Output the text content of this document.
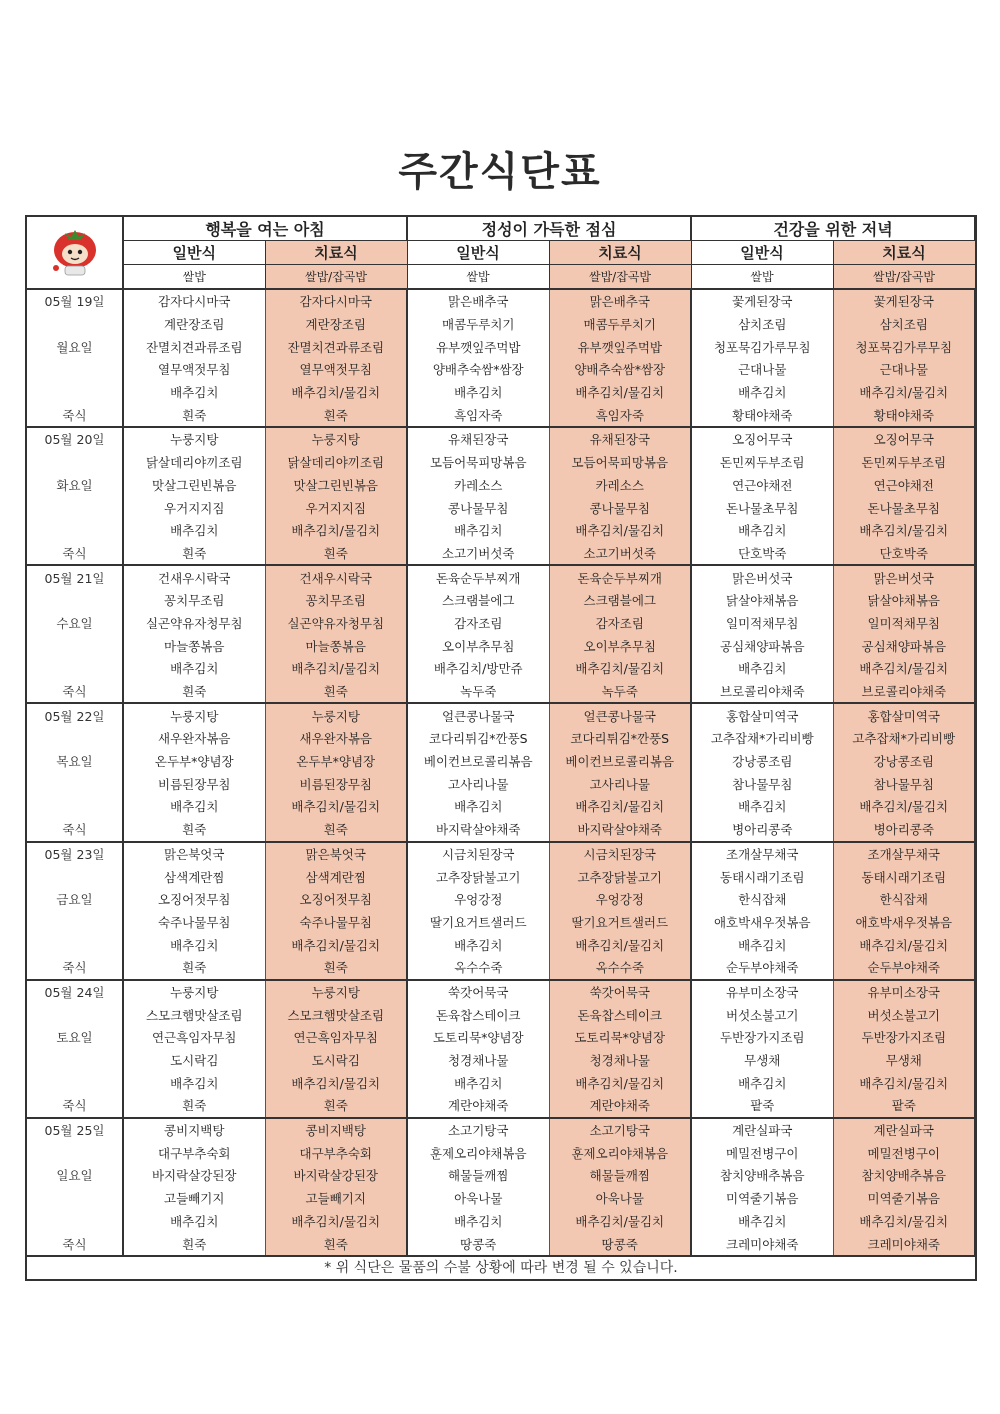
주간식단표
	행복을 여는 아침		정성이 가득한 점심		건강을 위한 저녁	
	일반식	치료식	일반식	치료식	일반식	치료식
	쌀밥	쌀밥/잡곡밥	쌀밥	쌀밥/잡곡밥	쌀밥	쌀밥/잡곡밥
05월 19일	감자다시마국	감자다시마국	맑은배추국	맑은배추국	꽃게된장국	꽃게된장국
	계란장조림	계란장조림	매콤두루치기	매콤두루치기	삼치조림	삼치조림
월요일	잔멸치견과류조림	잔멸치견과류조림	유부깻잎주먹밥	유부깻잎주먹밥	청포묵김가루무침	청포묵김가루무침
	열무액젓무침	열무액젓무침	양배추숙쌈*쌈장	양배추숙쌈*쌈장	근대나물	근대나물
	배추김치	배추김치/물김치	배추김치	배추김치/물김치	배추김치	배추김치/물김치
죽식	흰죽	흰죽	흑임자죽	흑임자죽	황태야채죽	황태야채죽
05월 20일	누룽지탕	누룽지탕	유채된장국	유채된장국	오징어무국	오징어무국
	닭살데리야끼조림	닭살데리야끼조림	모듬어묵피망볶음	모듬어묵피망볶음	돈민찌두부조림	돈민찌두부조림
화요일	맛살그린빈볶음	맛살그린빈볶음	카레소스	카레소스	연근야채전	연근야채전
	우거지지짐	우거지지짐	콩나물무침	콩나물무침	돈나물초무침	돈나물초무침
	배추김치	배추김치/물김치	배추김치	배추김치/물김치	배추김치	배추김치/물김치
죽식	흰죽	흰죽	소고기버섯죽	소고기버섯죽	단호박죽	단호박죽
05월 21일	건새우시락국	건새우시락국	돈육순두부찌개	돈육순두부찌개	맑은버섯국	맑은버섯국
	꽁치무조림	꽁치무조림	스크램블에그	스크램블에그	닭살야채볶음	닭살야채볶음
수요일	실곤약유자청무침	실곤약유자청무침	감자조림	감자조림	일미적채무침	일미적채무침
	마늘쫑볶음	마늘쫑볶음	오이부추무침	오이부추무침	공심채양파볶음	공심채양파볶음
	배추김치	배추김치/물김치	배추김치/방만쥬	배추김치/물김치	배추김치	배추김치/물김치
죽식	흰죽	흰죽	녹두죽	녹두죽	브로콜리야채죽	브로콜리야채죽
05월 22일	누룽지탕	누룽지탕	얼큰콩나물국	얼큰콩나물국	홍합살미역국	홍합살미역국
	새우완자볶음	새우완자볶음	코다리튀김*깐풍S	코다리튀김*깐풍S	고추잡채*가리비빵	고추잡채*가리비빵
목요일	온두부*양념장	온두부*양념장	베이컨브로콜리볶음	베이컨브로콜리볶음	강낭콩조림	강낭콩조림
	비름된장무침	비름된장무침	고사리나물	고사리나물	참나물무침	참나물무침
	배추김치	배추김치/물김치	배추김치	배추김치/물김치	배추김치	배추김치/물김치
죽식	흰죽	흰죽	바지락살야채죽	바지락살야채죽	병아리콩죽	병아리콩죽
05월 23일	맑은북엇국	맑은북엇국	시금치된장국	시금치된장국	조개살무채국	조개살무채국
	삼색계란찜	삼색계란찜	고추장닭불고기	고추장닭불고기	동태시래기조림	동태시래기조림
금요일	오징어젓무침	오징어젓무침	우엉강정	우엉강정	한식잡채	한식잡채
	숙주나물무침	숙주나물무침	딸기요거트샐러드	딸기요거트샐러드	애호박새우젓볶음	애호박새우젓볶음
	배추김치	배추김치/물김치	배추김치	배추김치/물김치	배추김치	배추김치/물김치
죽식	흰죽	흰죽	옥수수죽	옥수수죽	순두부야채죽	순두부야채죽
05월 24일	누룽지탕	누룽지탕	쑥갓어묵국	쑥갓어묵국	유부미소장국	유부미소장국
	스모크햄맛살조림	스모크햄맛살조림	돈육찹스테이크	돈육찹스테이크	버섯소불고기	버섯소불고기
토요일	연근흑임자무침	연근흑임자무침	도토리묵*양념장	도토리묵*양념장	두반장가지조림	두반장가지조림
	도시락김	도시락김	청경채나물	청경채나물	무생채	무생채
	배추김치	배추김치/물김치	배추김치	배추김치/물김치	배추김치	배추김치/물김치
죽식	흰죽	흰죽	계란야채죽	계란야채죽	팥죽	팥죽
05월 25일	콩비지백탕	콩비지백탕	소고기탕국	소고기탕국	계란실파국	계란실파국
	대구부추숙회	대구부추숙회	훈제오리야채볶음	훈제오리야채볶음	메밀전병구이	메밀전병구이
일요일	바지락살강된장	바지락살강된장	해물들깨찜	해물들깨찜	참치양배추볶음	참치양배추볶음
	고들빼기지	고들빼기지	아욱나물	아욱나물	미역줄기볶음	미역줄기볶음
	배추김치	배추김치/물김치	배추김치	배추김치/물김치	배추김치	배추김치/물김치
죽식	흰죽	흰죽	땅콩죽	땅콩죽	크레미야채죽	크레미야채죽
* 위 식단은 물품의 수불 상황에 따라 변경 될 수 있습니다.
